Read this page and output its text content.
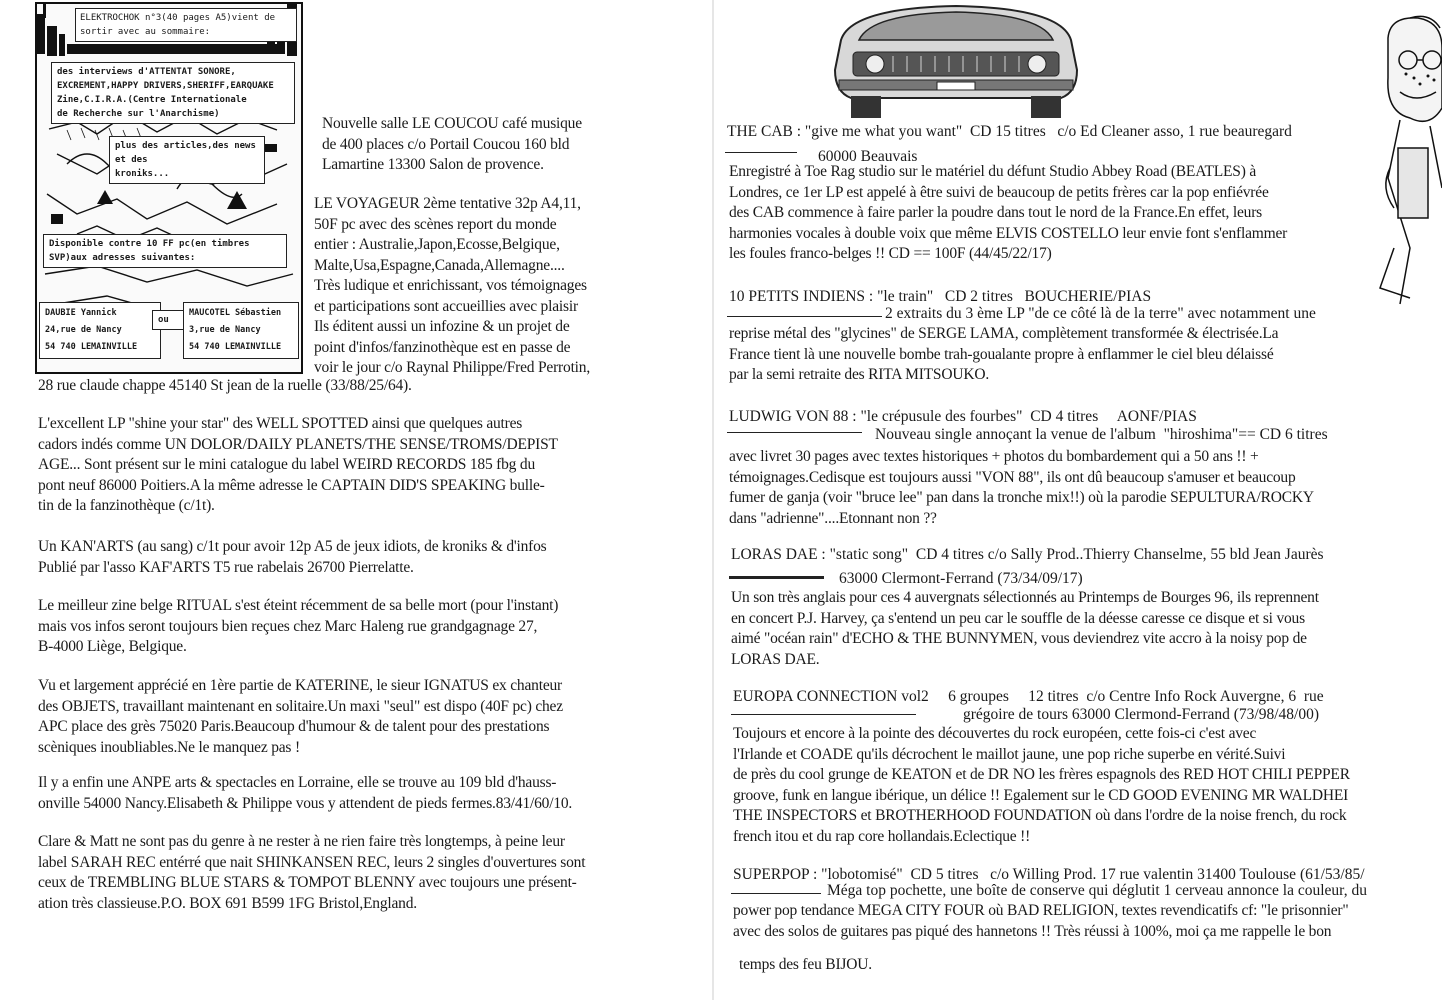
ELEKTROCHOK n°3(40 pages A5)vient de
sortir avec au sommaire:
des interviews d'ATTENTAT SONORE,
EXCREMENT,HAPPY DRIVERS,SHERIFF,EARQUAKE
Zine,C.I.R.A.(Centre Internationale
de Recherche sur l'Anarchisme)
plus des articles,des news et des
kroniks...
Disponible contre 10 FF pc(en timbres
SVP)aux adresses suivantes:
DAUBIE Yannick
24,rue de Nancy
54 740 LEMAINVILLE
ou
MAUCOTEL Sébastien
3,rue de Nancy
54 740 LEMAINVILLE
Nouvelle salle LE COUCOU café musique
de 400 places c/o Portail Coucou 160 bld
Lamartine 13300 Salon de provence.
LE VOYAGEUR 2ème tentative 32p A4,11,
50F pc avec des scènes report du monde
entier : Australie,Japon,Ecosse,Belgique,
Malte,Usa,Espagne,Canada,Allemagne....
Très ludique et enrichissant, vos témoignages
et participations sont accueillies avec plaisir
Ils éditent aussi un infozine & un projet de
point d'infos/fanzinothèque est en passe de
voir le jour c/o Raynal Philippe/Fred Perrotin,
28 rue claude chappe 45140 St jean de la ruelle (33/88/25/64).
L'excellent LP "shine your star" des WELL SPOTTED ainsi que quelques autres
cadors indés comme UN DOLOR/DAILY PLANETS/THE SENSE/TROMS/DEPIST
AGE... Sont présent sur le mini catalogue du label WEIRD RECORDS 185 fbg du
pont neuf 86000 Poitiers.A la même adresse le CAPTAIN DID'S SPEAKING bulle-
tin de la fanzinothèque (c/1t).
Un KAN'ARTS (au sang) c/1t pour avoir 12p A5 de jeux idiots, de kroniks & d'infos
Publié par l'asso KAF'ARTS T5 rue rabelais 26700 Pierrelatte.
Le meilleur zine belge RITUAL s'est éteint récemment de sa belle mort (pour l'instant)
mais vos infos seront toujours bien reçues chez Marc Haleng rue grandgagnage 27,
B-4000 Liège, Belgique.
Vu et largement apprécié en 1ère partie de KATERINE, le sieur IGNATUS ex chanteur
des OBJETS, travaillant maintenant en solitaire.Un maxi "seul" est dispo (40F pc) chez
APC place des grès 75020 Paris.Beaucoup d'humour & de talent pour des prestations
scèniques inoubliables.Ne le manquez pas !
Il y a enfin une ANPE arts & spectacles en Lorraine, elle se trouve au 109 bld d'hauss-
onville 54000 Nancy.Elisabeth & Philippe vous y attendent de pieds fermes.83/41/60/10.
Clare & Matt ne sont pas du genre à ne rester à ne rien faire très longtemps, à peine leur
label SARAH REC entérré que nait SHINKANSEN REC, leurs 2 singles d'ouvertures sont
ceux de TREMBLING BLUE STARS & TOMPOT BLENNY avec toujours une présent-
ation très classieuse.P.O. BOX 691 B599 1FG Bristol,England.
THE CAB : "give me what you want"  CD 15 titres   c/o Ed Cleaner asso, 1 rue beauregard
60000 Beauvais
Enregistré à Toe Rag studio sur le matériel du défunt Studio Abbey Road (BEATLES) à
Londres, ce 1er LP est appelé à être suivi de beaucoup de petits frères car la pop enfiévrée
des CAB commence à faire parler la poudre dans tout le nord de la France.En effet, leurs
harmonies vocales à double voix que même ELVIS COSTELLO leur envie font s'enflammer
les foules franco-belges !! CD == 100F (44/45/22/17)
10 PETITS INDIENS : "le train"   CD 2 titres   BOUCHERIE/PIAS
2 extraits du 3 ème LP "de ce côté là de la terre" avec notamment une
reprise métal des "glycines" de SERGE LAMA, complètement transformée & électrisée.La
France tient là une nouvelle bombe trah-goualante propre à enflammer le ciel bleu délaissé
par la semi retraite des RITA MITSOUKO.
LUDWIG VON 88 : "le crépusule des fourbes"  CD 4 titres     AONF/PIAS
Nouveau single annoçant la venue de l'album  "hiroshima"== CD 6 titres
avec livret 30 pages avec textes historiques + photos du bombardement qui a 50 ans !! +
témoignages.Cedisque est toujours aussi "VON 88", ils ont dû beaucoup s'amuser et beaucoup
fumer de ganja (voir "bruce lee" pan dans la tronche mix!!) où la parodie SEPULTURA/ROCKY
dans "adrienne"....Etonnant non ??
LORAS DAE : "static song"  CD 4 titres c/o Sally Prod..Thierry Chanselme, 55 bld Jean Jaurès
63000 Clermont-Ferrand (73/34/09/17)
Un son très anglais pour ces 4 auvergnats sélectionnés au Printemps de Bourges 96, ils reprennent
en concert P.J. Harvey, ça s'entend un peu car le souffle de la déesse caresse ce disque et si vous
aimé "océan rain" d'ECHO & THE BUNNYMEN, vous deviendrez vite accro à la noisy pop de
LORAS DAE.
EUROPA CONNECTION vol2     6 groupes     12 titres  c/o Centre Info Rock Auvergne, 6  rue
grégoire de tours 63000 Clermond-Ferrand (73/98/48/00)
Toujours et encore à la pointe des découvertes du rock européen, cette fois-ci c'est avec
l'Irlande et COADE qu'ils décrochent le maillot jaune, une pop riche superbe en vérité.Suivi
de près du cool grunge de KEATON et de DR NO les frères espagnols des RED HOT CHILI PEPPER
groove, funk en langue ibérique, un délice !! Egalement sur le CD GOOD EVENING MR WALDHEI
THE INSPECTORS et BROTHERHOOD FOUNDATION où dans l'ordre de la noise french, du rock
french itou et du rap core hollandais.Eclectique !!
SUPERPOP : "lobotomisé"  CD 5 titres   c/o Willing Prod. 17 rue valentin 31400 Toulouse (61/53/85/
Méga top pochette, une boîte de conserve qui déglutit 1 cerveau annonce la couleur, du
power pop tendance MEGA CITY FOUR où BAD RELIGION, textes revendicatifs cf: "le prisonnier"
avec des solos de guitares pas piqué des hannetons !! Très réussi à 100%, moi ça me rappelle le bon
temps des feu BIJOU.
